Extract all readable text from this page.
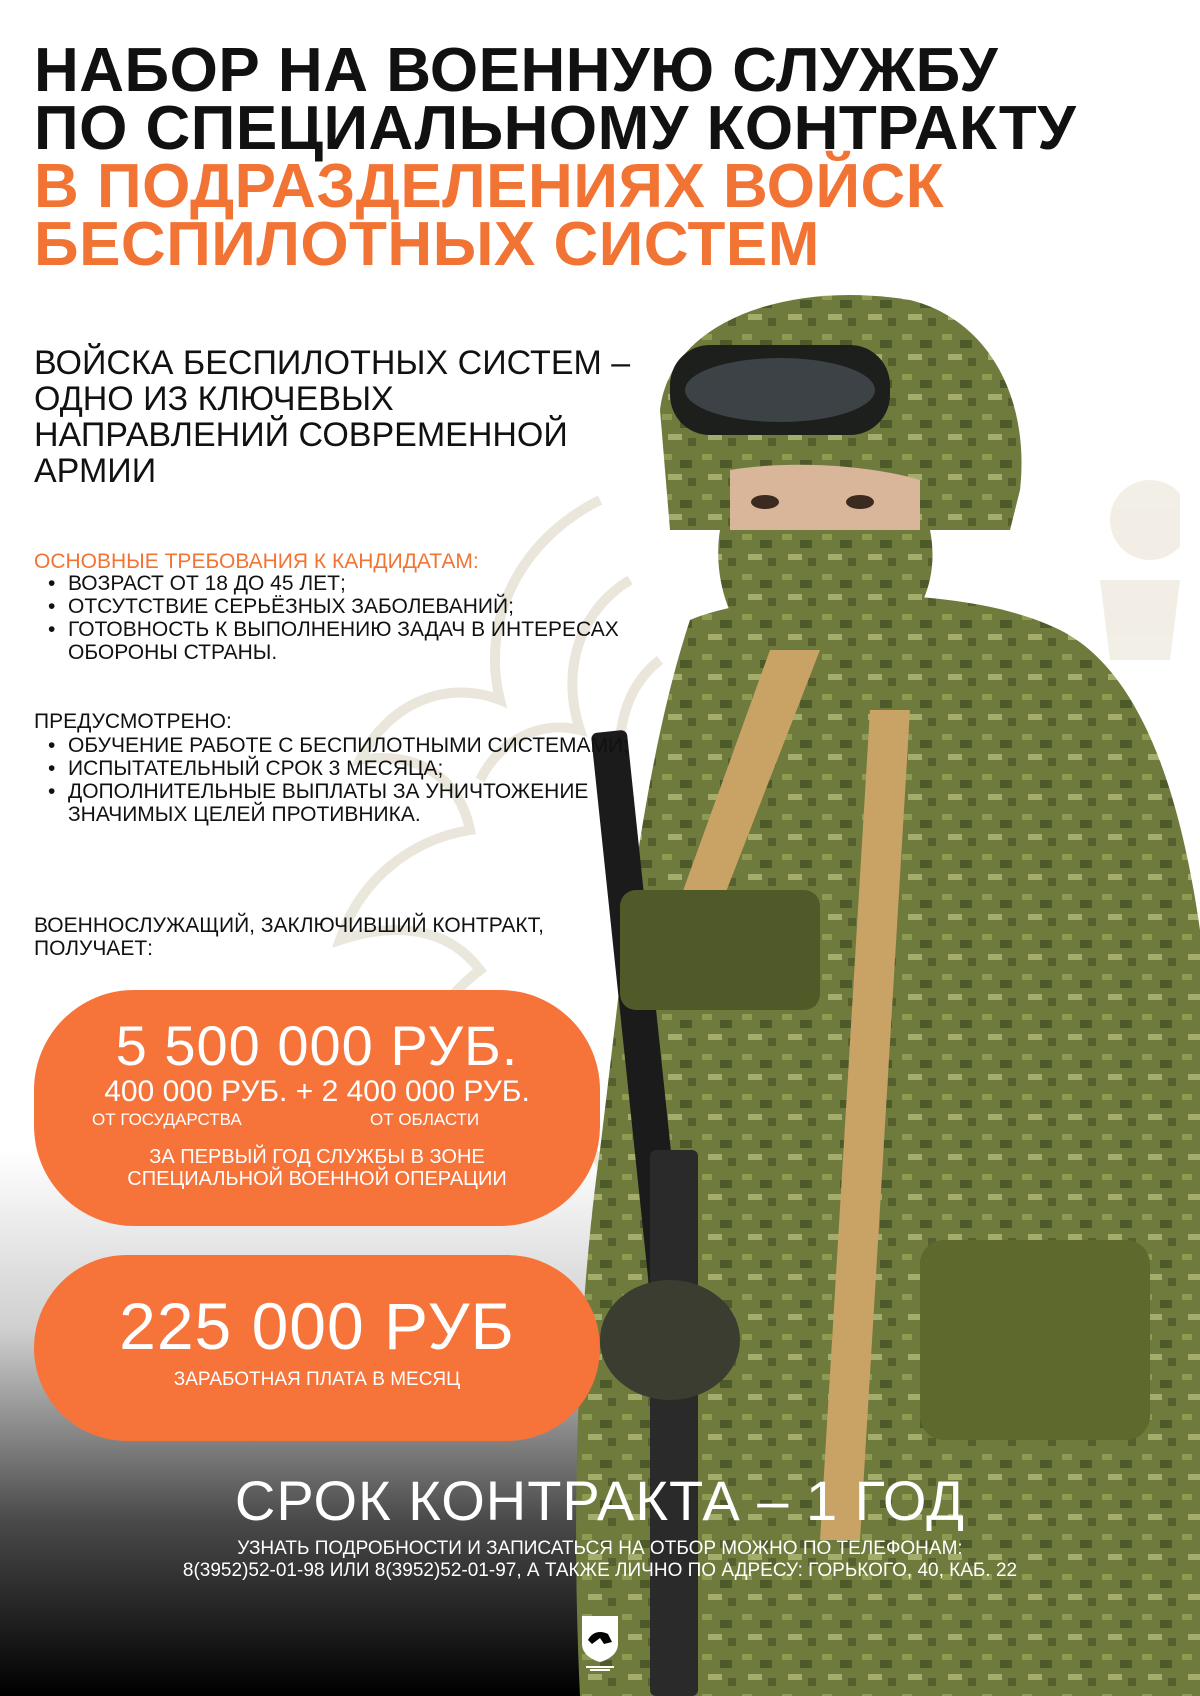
НАБОР НА ВОЕННУЮ СЛУЖБУ
ПО СПЕЦИАЛЬНОМУ КОНТРАКТУ
В ПОДРАЗДЕЛЕНИЯХ ВОЙСК
БЕСПИЛОТНЫХ СИСТЕМ
ВОЙСКА БЕСПИЛОТНЫХ СИСТЕМ –
ОДНО ИЗ КЛЮЧЕВЫХ
НАПРАВЛЕНИЙ СОВРЕМЕННОЙ
АРМИИ
ОСНОВНЫЕ ТРЕБОВАНИЯ К КАНДИДАТАМ:
• ВОЗРАСТ ОТ 18 ДО 45 ЛЕТ;
• ОТСУТСТВИЕ СЕРЬЁЗНЫХ ЗАБОЛЕВАНИЙ;
• ГОТОВНОСТЬ К ВЫПОЛНЕНИЮ ЗАДАЧ В ИНТЕРЕСАХ ОБОРОНЫ СТРАНЫ.
ПРЕДУСМОТРЕНО:
• ОБУЧЕНИЕ РАБОТЕ С БЕСПИЛОТНЫМИ СИСТЕМАМИ;
• ИСПЫТАТЕЛЬНЫЙ СРОК 3 МЕСЯЦА;
• ДОПОЛНИТЕЛЬНЫЕ ВЫПЛАТЫ ЗА УНИЧТОЖЕНИЕ ЗНАЧИМЫХ ЦЕЛЕЙ ПРОТИВНИКА.
ВОЕННОСЛУЖАЩИЙ, ЗАКЛЮЧИВШИЙ КОНТРАКТ, ПОЛУЧАЕТ:
5 500 000 РУБ.
400 000 РУБ. + 2 400 000 РУБ.
ОТ ГОСУДАРСТВА	ОТ ОБЛАСТИ
ЗА ПЕРВЫЙ ГОД СЛУЖБЫ В ЗОНЕ
СПЕЦИАЛЬНОЙ ВОЕННОЙ ОПЕРАЦИИ
225 000 РУБ
ЗАРАБОТНАЯ ПЛАТА В МЕСЯЦ
СРОК КОНТРАКТА – 1 ГОД
УЗНАТЬ ПОДРОБНОСТИ И ЗАПИСАТЬСЯ НА ОТБОР МОЖНО ПО ТЕЛЕФОНАМ:
8(3952)52-01-98 ИЛИ 8(3952)52-01-97, А ТАКЖЕ ЛИЧНО ПО АДРЕСУ: ГОРЬКОГО, 40, КАБ. 22
